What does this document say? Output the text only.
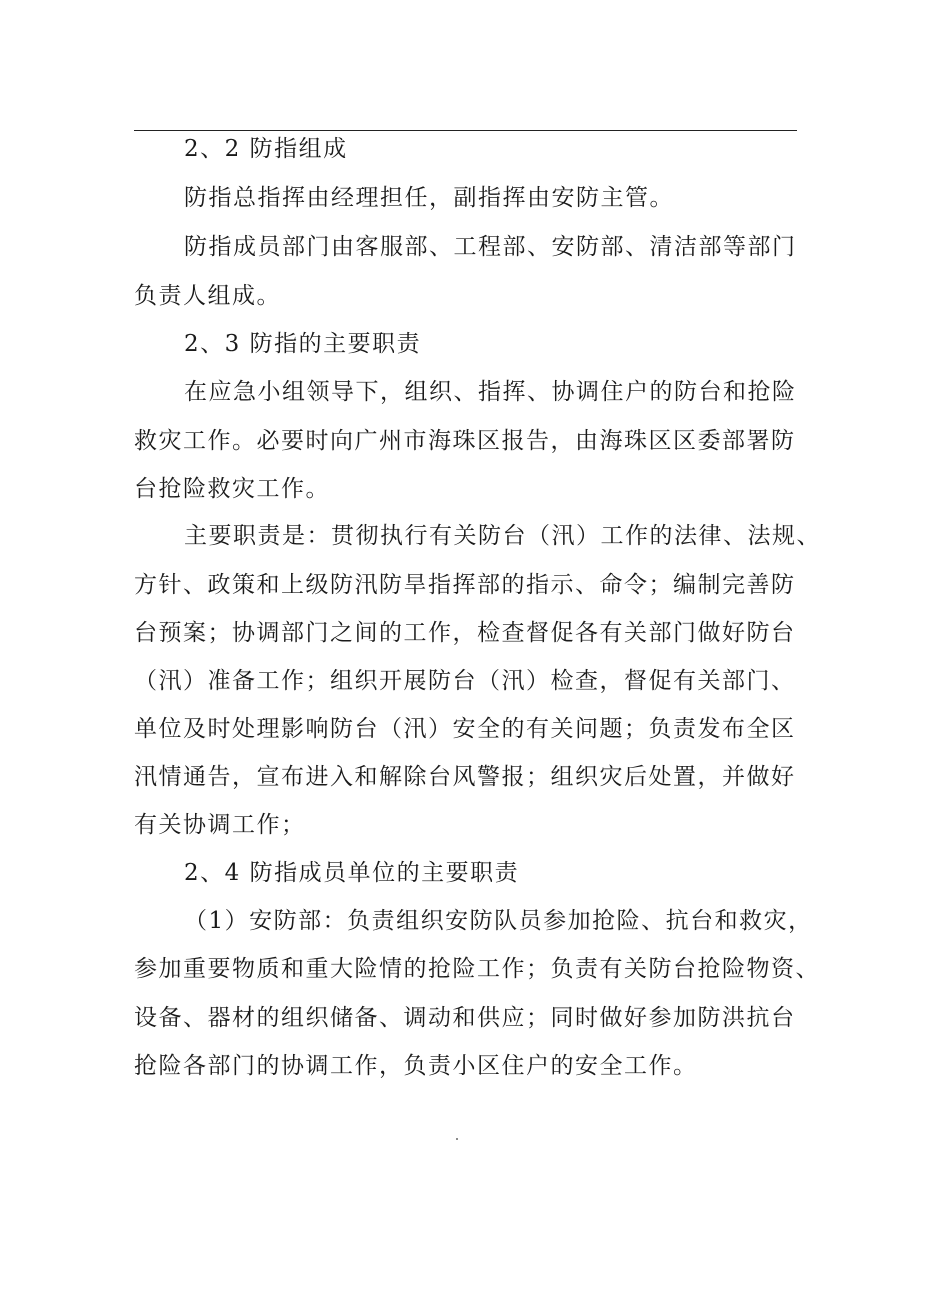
2、2 防指组成
防指总指挥由经理担任，副指挥由安防主管。
防指成员部门由客服部、工程部、安防部、清洁部等部门
负责人组成。
2、3 防指的主要职责
在应急小组领导下，组织、指挥、协调住户的防台和抢险
救灾工作。必要时向广州市海珠区报告，由海珠区区委部署防
台抢险救灾工作。
主要职责是：贯彻执行有关防台（汛）工作的法律、法规、
方针、政策和上级防汛防旱指挥部的指示、命令；编制完善防
台预案；协调部门之间的工作，检查督促各有关部门做好防台
（汛）准备工作；组织开展防台（汛）检查，督促有关部门、
单位及时处理影响防台（汛）安全的有关问题；负责发布全区
汛情通告，宣布进入和解除台风警报；组织灾后处置，并做好
有关协调工作；
2、4 防指成员单位的主要职责
（1）安防部：负责组织安防队员参加抢险、抗台和救灾，
参加重要物质和重大险情的抢险工作；负责有关防台抢险物资、
设备、器材的组织储备、调动和供应；同时做好参加防洪抗台
抢险各部门的协调工作，负责小区住户的安全工作。
